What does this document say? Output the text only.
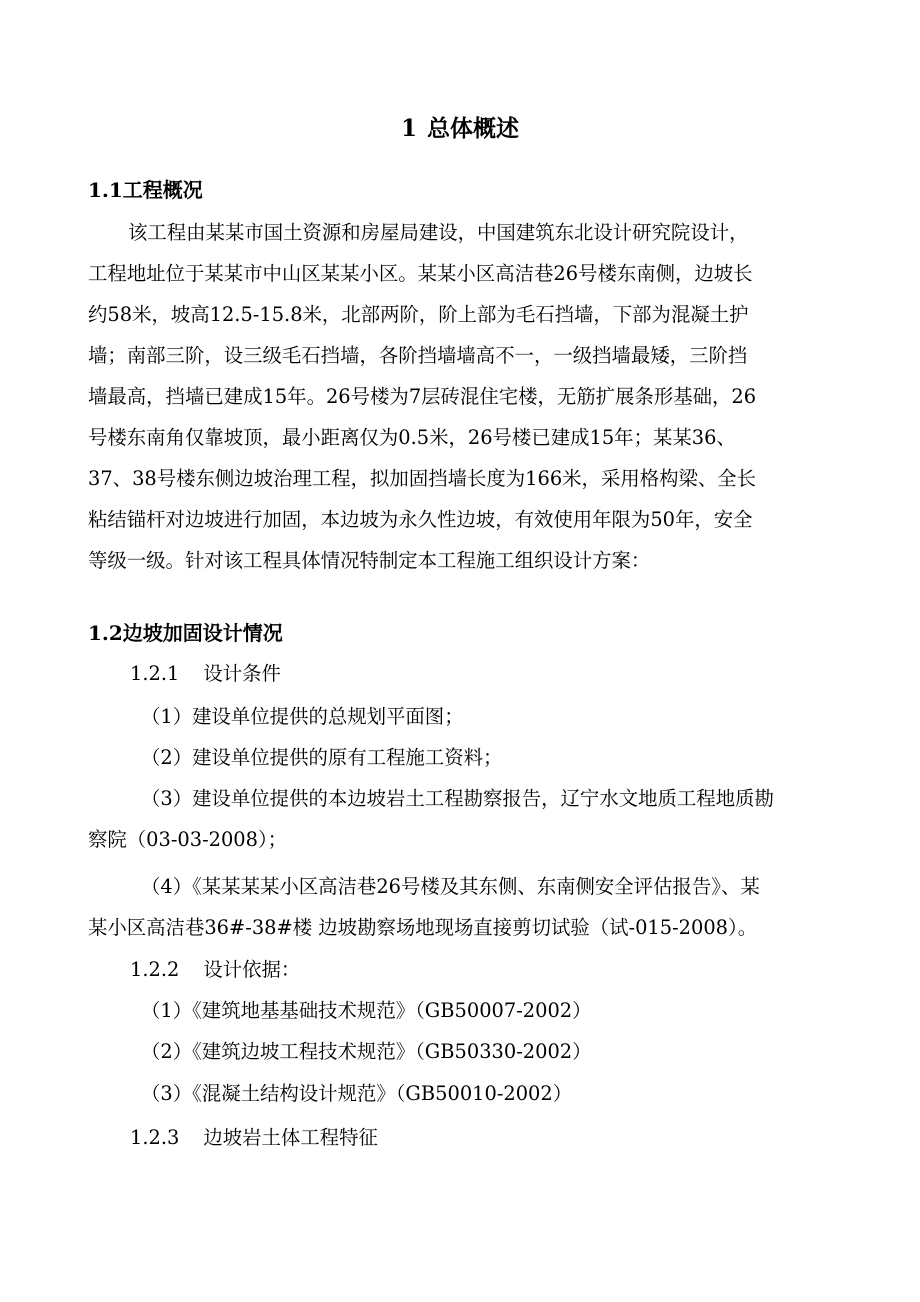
1 总体概述
1.1工程概况
该工程由某某市国土资源和房屋局建设，中国建筑东北设计研究院设计，
工程地址位于某某市中山区某某小区。某某小区高洁巷26号楼东南侧，边坡长
约58米，坡高12.5-15.8米，北部两阶，阶上部为毛石挡墙，下部为混凝土护
墙；南部三阶，设三级毛石挡墙，各阶挡墙墙高不一，一级挡墙最矮，三阶挡
墙最高，挡墙已建成15年。26号楼为7层砖混住宅楼，无筋扩展条形基础，26
号楼东南角仅靠坡顶，最小距离仅为0.5米，26号楼已建成15年；某某36、
37、38号楼东侧边坡治理工程，拟加固挡墙长度为166米，采用格构梁、全长
粘结锚杆对边坡进行加固，本边坡为永久性边坡，有效使用年限为50年，安全
等级一级。针对该工程具体情况特制定本工程施工组织设计方案：
1.2边坡加固设计情况
1.2.1 设计条件
（1）建设单位提供的总规划平面图；
（2）建设单位提供的原有工程施工资料；
（3）建设单位提供的本边坡岩土工程勘察报告，辽宁水文地质工程地质勘
察院（03-03-2008）；
（4）《某某某某小区高洁巷26号楼及其东侧、东南侧安全评估报告》、某
某小区高洁巷36#-38#楼 边坡勘察场地现场直接剪切试验（试-015-2008）。
1.2.2 设计依据：
（1）《建筑地基基础技术规范》（GB50007-2002）
（2）《建筑边坡工程技术规范》（GB50330-2002）
（3）《混凝土结构设计规范》（GB50010-2002）
1.2.3 边坡岩土体工程特征
